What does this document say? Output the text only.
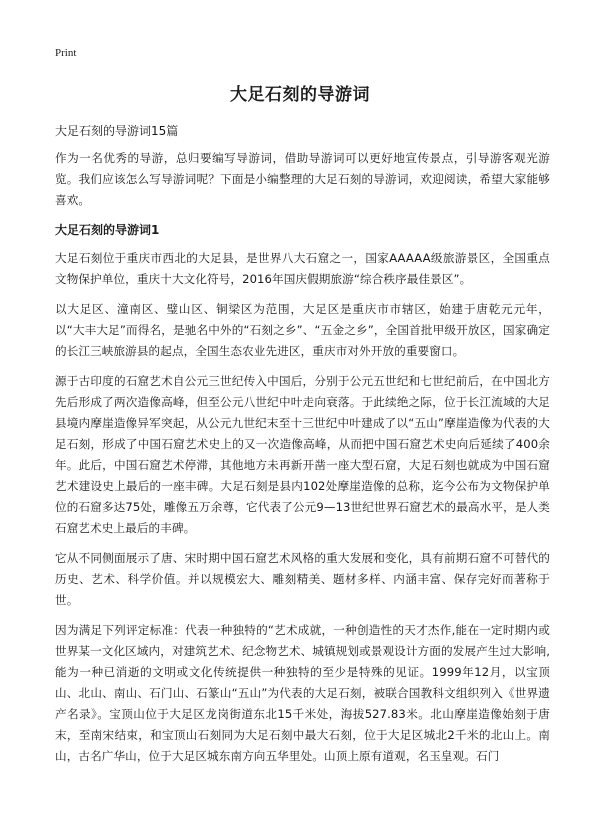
Print
大足石刻的导游词
大足石刻的导游词15篇

作为一名优秀的导游，总归要编写导游词，借助导游词可以更好地宣传景点，引导游客观光游览。我们应该怎么写导游词呢？下面是小编整理的大足石刻的导游词，欢迎阅读，希望大家能够喜欢。

大足石刻的导游词1

大足石刻位于重庆市西北的大足县，是世界八大石窟之一，国家AAAAA级旅游景区，全国重点文物保护单位，重庆十大文化符号，2016年国庆假期旅游“综合秩序最佳景区”。

以大足区、潼南区、璧山区、铜梁区为范围，大足区是重庆市市辖区，始建于唐乾元元年，以“大丰大足”而得名，是驰名中外的“石刻之乡”、“五金之乡”，全国首批甲级开放区，国家确定的长江三峡旅游县的起点，全国生态农业先进区，重庆市对外开放的重要窗口。

源于古印度的石窟艺术自公元三世纪传入中国后，分别于公元五世纪和七世纪前后，在中国北方先后形成了两次造像高峰，但至公元八世纪中叶走向衰落。于此续绝之际，位于长江流域的大足县境内摩崖造像异军突起，从公元九世纪末至十三世纪中叶建成了以“五山”摩崖造像为代表的大足石刻，形成了中国石窟艺术史上的又一次造像高峰，从而把中国石窟艺术史向后延续了400余年。此后，中国石窟艺术停滞，其他地方未再新开凿一座大型石窟，大足石刻也就成为中国石窟艺术建设史上最后的一座丰碑。大足石刻是县内102处摩崖造像的总称，迄今公布为文物保护单位的石窟多达75处，雕像五万余尊，它代表了公元9—13世纪世界石窟艺术的最高水平，是人类石窟艺术史上最后的丰碑。

它从不同侧面展示了唐、宋时期中国石窟艺术风格的重大发展和变化，具有前期石窟不可替代的历史、艺术、科学价值。并以规模宏大、雕刻精美、题材多样、内涵丰富、保存完好而著称于世。

因为满足下列评定标准：代表一种独特的“艺术成就，一种创造性的天才杰作,能在一定时期内或世界某一文化区域内，对建筑艺术、纪念物艺术、城镇规划或景观设计方面的发展产生过大影响,能为一种已消逝的文明或文化传统提供一种独特的至少是特殊的见证。1999年12月，以宝顶山、北山、南山、石门山、石篆山“五山”为代表的大足石刻，被联合国教科文组织列入《世界遗产名录》。宝顶山位于大足区龙岗街道东北15千米处，海拔527.83米。北山摩崖造像始刻于唐末，至南宋结束，和宝顶山石刻同为大足石刻中最大石刻，位于大足区城北2千米的北山上。南山，古名广华山，位于大足区城东南方向五华里处。山顶上原有道观，名玉皇观。石门
